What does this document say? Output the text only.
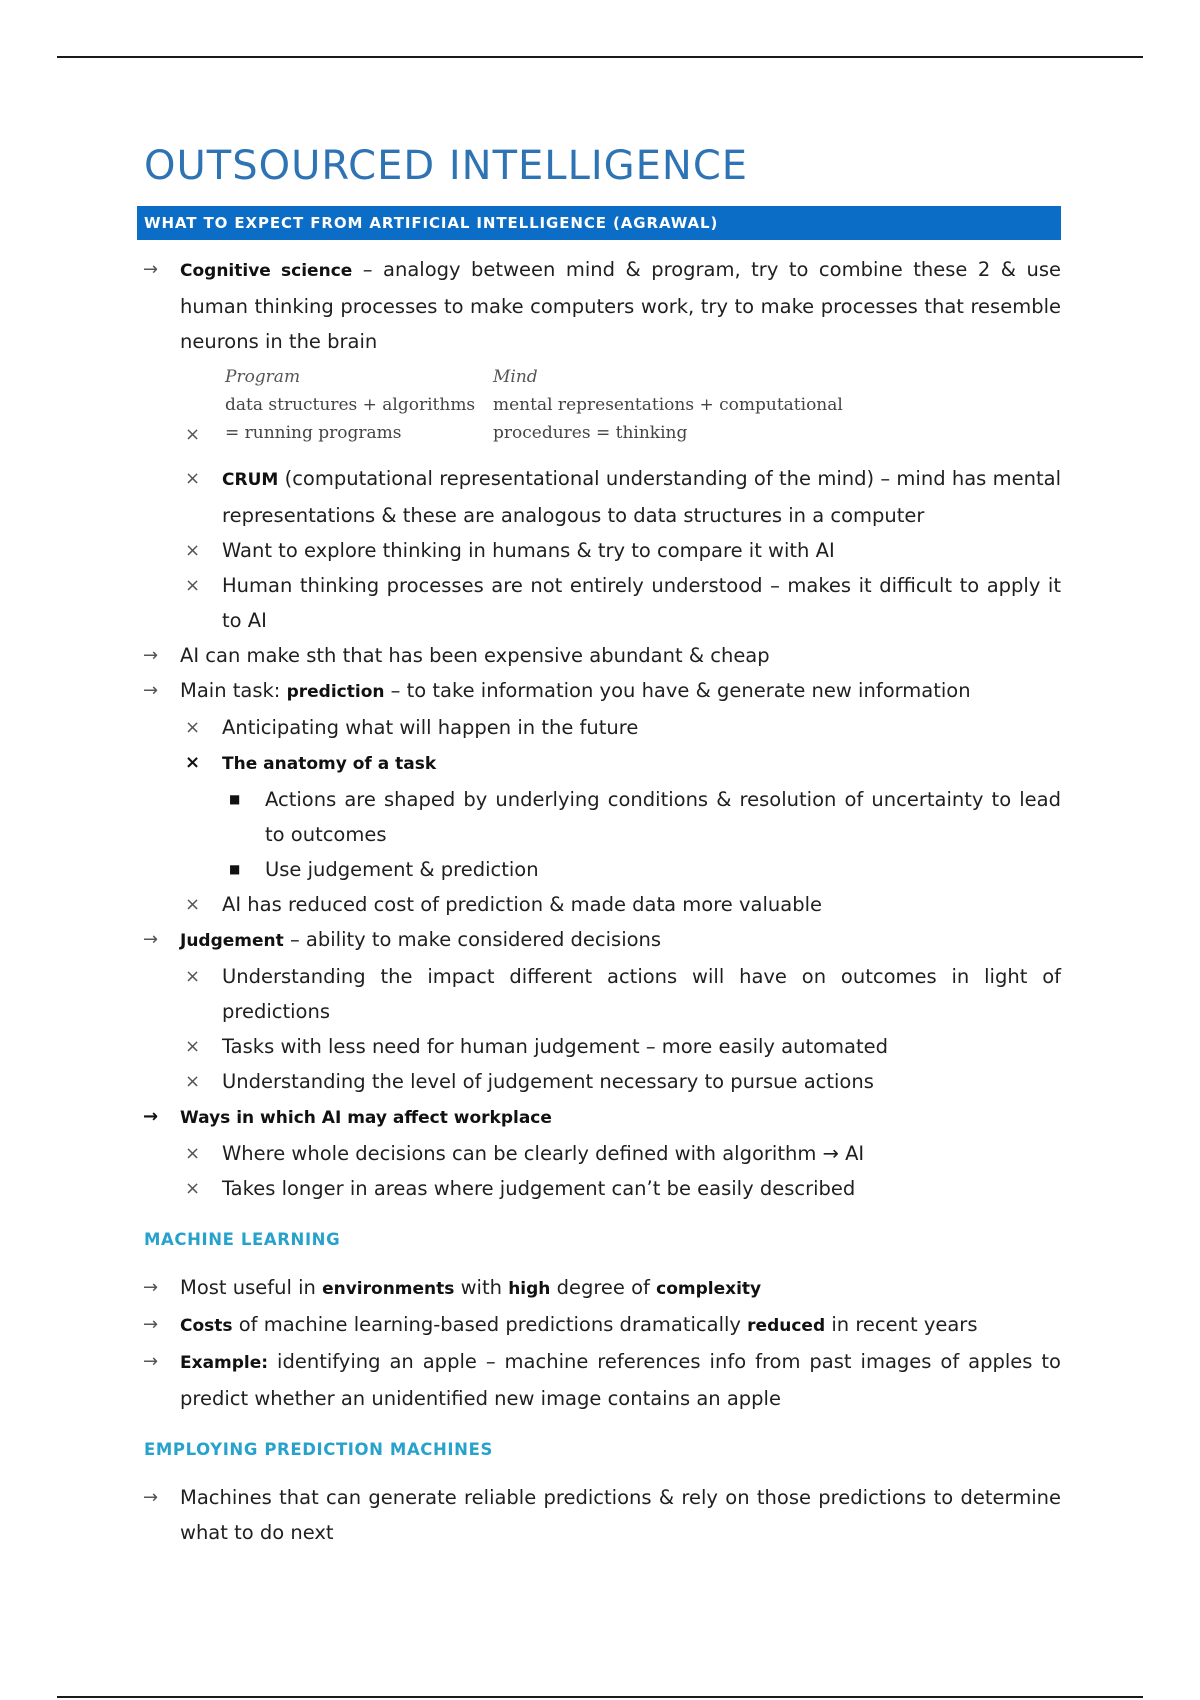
OUTSOURCED INTELLIGENCE
WHAT TO EXPECT FROM ARTIFICIAL INTELLIGENCE (AGRAWAL)
→ Cognitive science – analogy between mind & program, try to combine these 2 & use human thinking processes to make computers work, try to make processes that resemble neurons in the brain
×
Program
data structures + algorithms
= running programs
Mind
mental representations + computational
procedures = thinking
× CRUM (computational representational understanding of the mind) – mind has mental representations & these are analogous to data structures in a computer
× Want to explore thinking in humans & try to compare it with AI
× Human thinking processes are not entirely understood – makes it difficult to apply it to AI
→ AI can make sth that has been expensive abundant & cheap
→ Main task: prediction – to take information you have & generate new information
× Anticipating what will happen in the future
× The anatomy of a task
■ Actions are shaped by underlying conditions & resolution of uncertainty to lead to outcomes
■ Use judgement & prediction
× AI has reduced cost of prediction & made data more valuable
→ Judgement – ability to make considered decisions
× Understanding the impact different actions will have on outcomes in light of predictions
× Tasks with less need for human judgement – more easily automated
× Understanding the level of judgement necessary to pursue actions
→ Ways in which AI may affect workplace
× Where whole decisions can be clearly defined with algorithm → AI
× Takes longer in areas where judgement can’t be easily described
MACHINE LEARNING
→ Most useful in environments with high degree of complexity
→ Costs of machine learning-based predictions dramatically reduced in recent years
→ Example: identifying an apple – machine references info from past images of apples to predict whether an unidentified new image contains an apple
EMPLOYING PREDICTION MACHINES
→ Machines that can generate reliable predictions & rely on those predictions to determine what to do next
